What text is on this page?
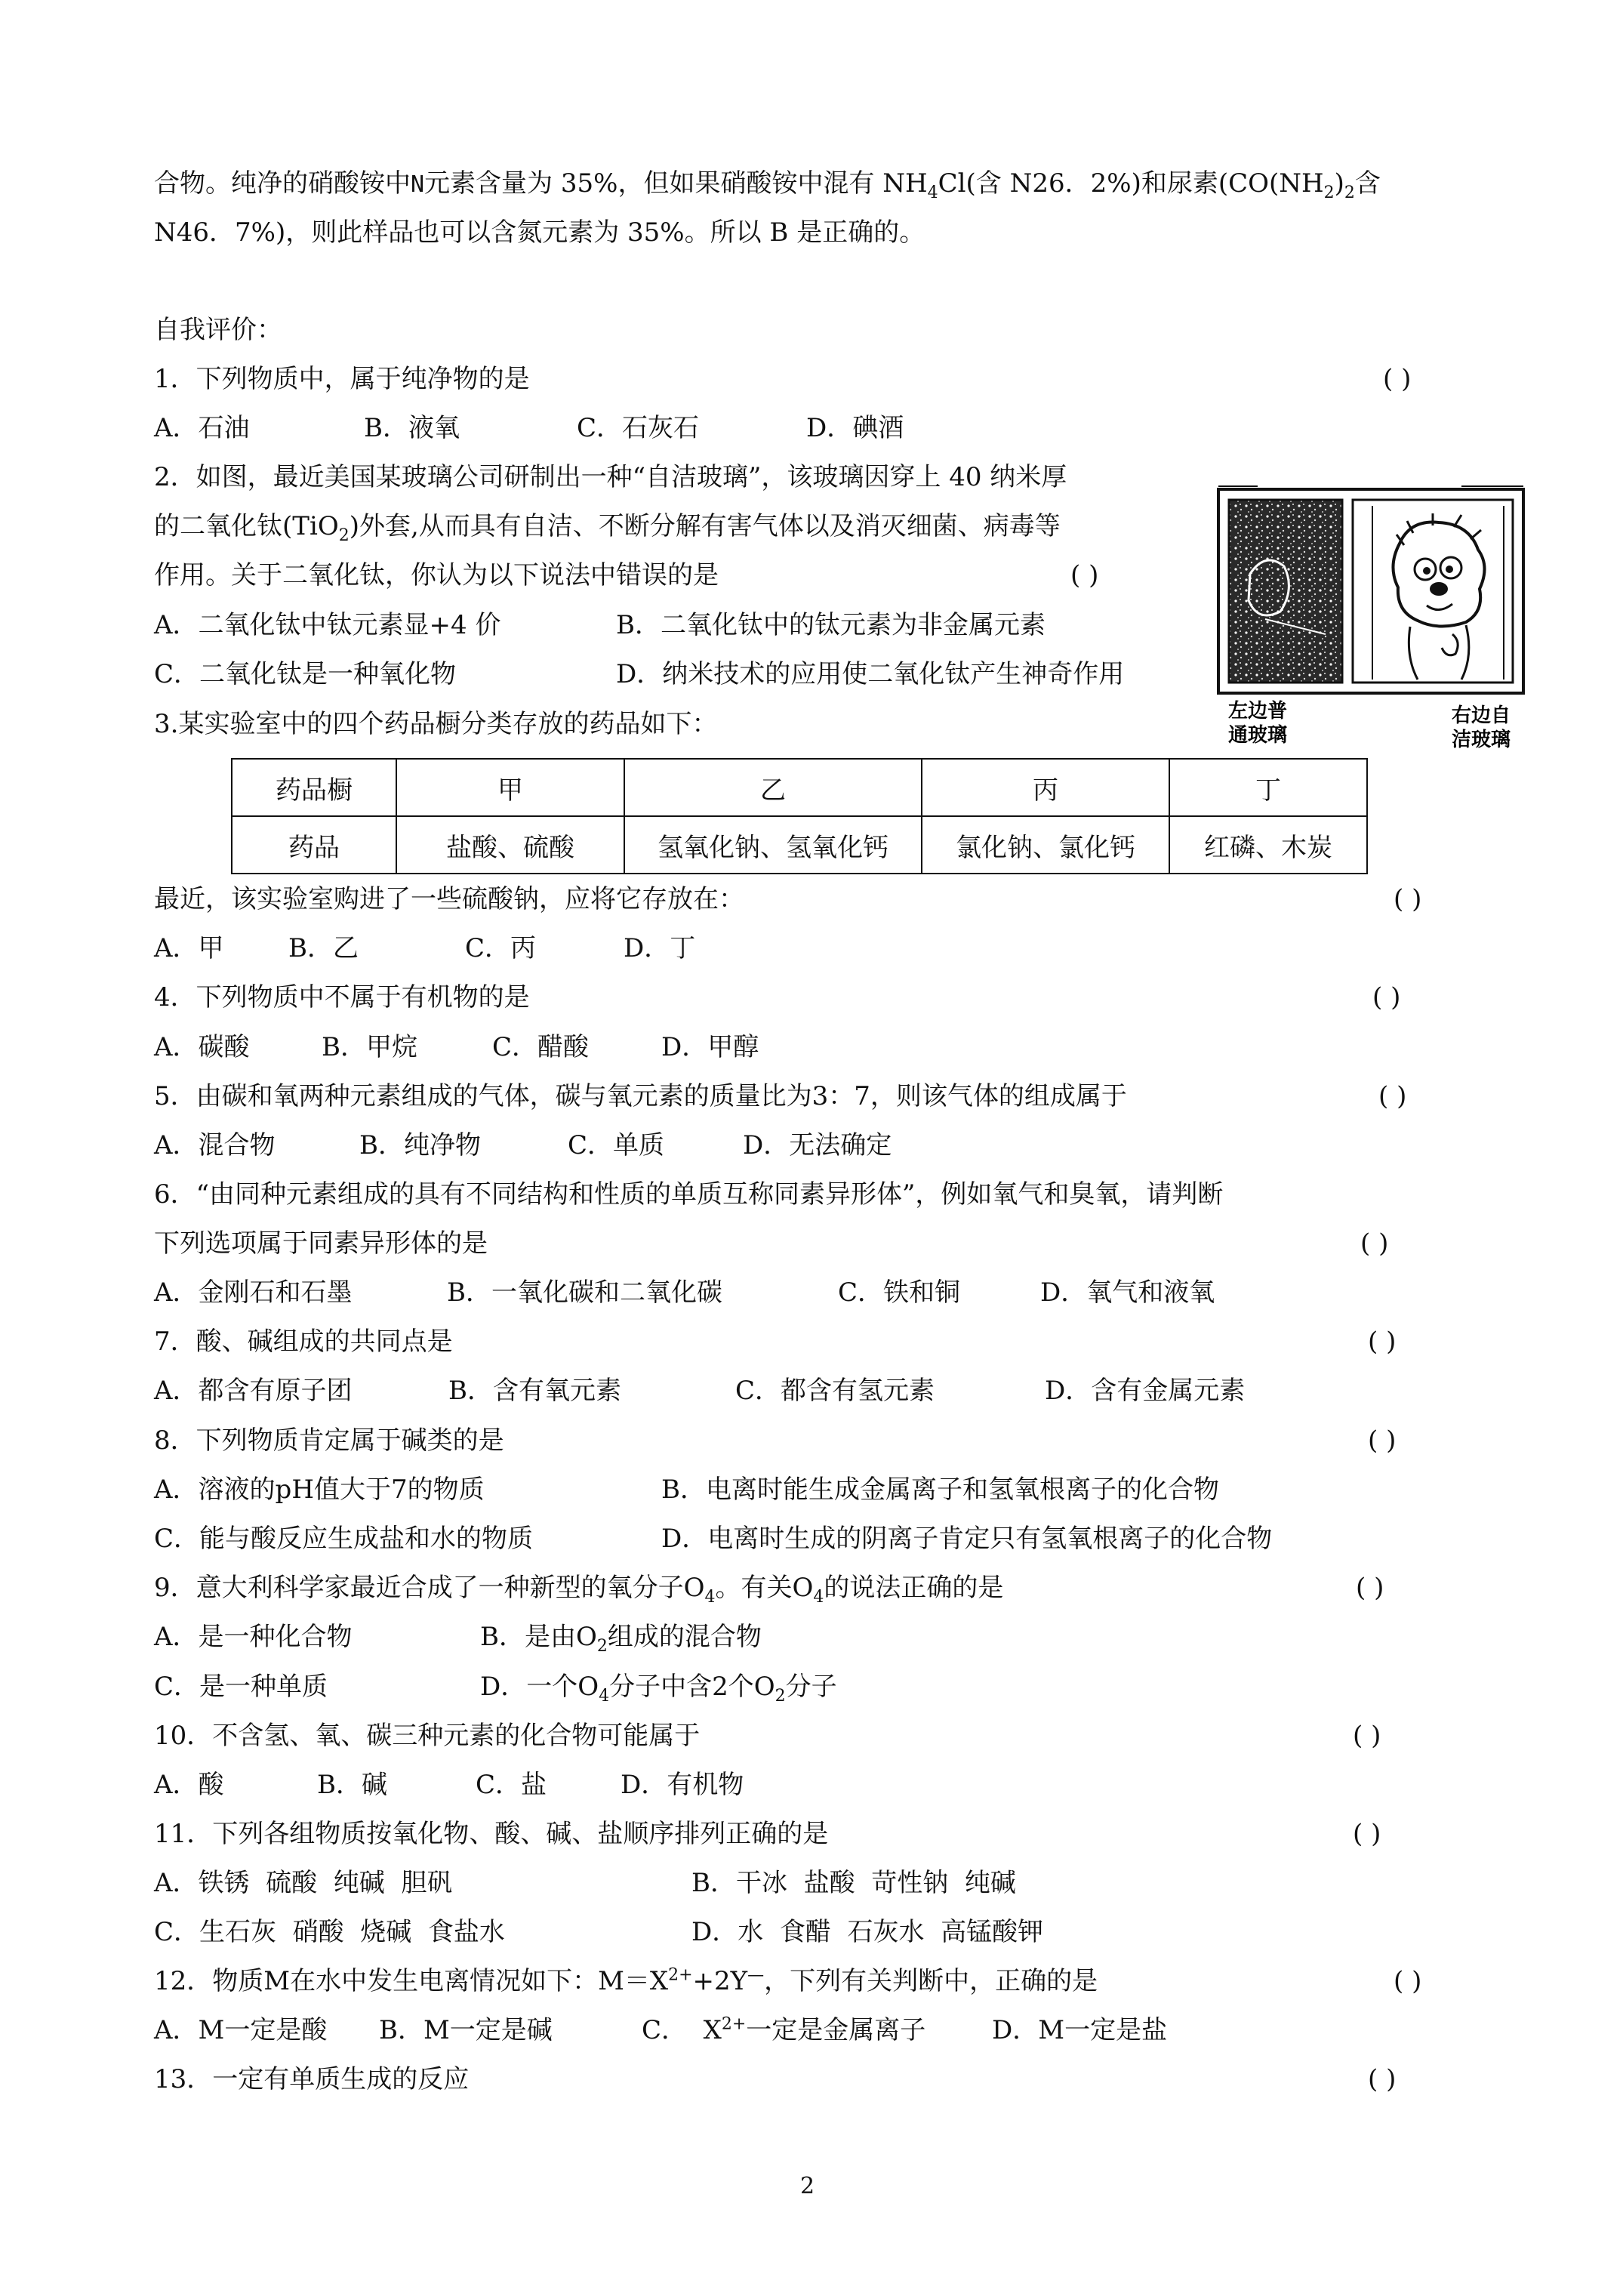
合物。纯净的硝酸铵中N元素含量为 35%，但如果硝酸铵中混有 $NH_4Cl$(含 N26．2%)和尿素($CO(NH_2)_2$含
N46．7%)，则此样品也可以含氮元素为 35%。所以 B 是正确的。
自我评价：
1．下列物质中，属于纯净物的是	( )
A．石油	B．液氧	C．石灰石	D．碘酒
2．如图，最近美国某玻璃公司研制出一种“自洁玻璃”，该玻璃因穿上 40 纳米厚
的二氧化钛(TiO$_2$)外套,从而具有自洁、不断分解有害气体以及消灭细菌、病毒等
作用。关于二氧化钛，你认为以下说法中错误的是	( )
A．二氧化钛中钛元素显+4 价	B．二氧化钛中的钛元素为非金属元素
C．二氧化钛是一种氧化物	D．纳米技术的应用使二氧化钛产生神奇作用
左边普
通玻璃
右边自
洁玻璃
3.某实验室中的四个药品橱分类存放的药品如下：
药品橱	甲	乙	丙	丁
药品	盐酸、硫酸	氢氧化钠、氢氧化钙	氯化钠、氯化钙	红磷、木炭
最近，该实验室购进了一些硫酸钠，应将它存放在：	( )
A．甲	B．乙	C．丙	D．丁
4．下列物质中不属于有机物的是	( )
A．碳酸	B．甲烷	C．醋酸	D．甲醇
5．由碳和氧两种元素组成的气体，碳与氧元素的质量比为3：7，则该气体的组成属于	( )
A．混合物	B．纯净物	C．单质	D．无法确定
6．“由同种元素组成的具有不同结构和性质的单质互称同素异形体”，例如氧气和臭氧，请判断
下列选项属于同素异形体的是	( )
A．金刚石和石墨	B．一氧化碳和二氧化碳	C．铁和铜	D．氧气和液氧
7．酸、碱组成的共同点是	( )
A．都含有原子团	B．含有氧元素	C．都含有氢元素	D．含有金属元素
8．下列物质肯定属于碱类的是	( )
A．溶液的pH值大于7的物质	B．电离时能生成金属离子和氢氧根离子的化合物
C．能与酸反应生成盐和水的物质	D．电离时生成的阴离子肯定只有氢氧根离子的化合物
9．意大利科学家最近合成了一种新型的氧分子$O_4$。有关$O_4$的说法正确的是	( )
A．是一种化合物	B．是由$O_2$组成的混合物
C．是一种单质	D．一个$O_4$分子中含2个$O_2$分子
10．不含氢、氧、碳三种元素的化合物可能属于	( )
A．酸	B．碱	C．盐	D．有机物
11．下列各组物质按氧化物、酸、碱、盐顺序排列正确的是	( )
A．铁锈  硫酸  纯碱  胆矾	B．干冰  盐酸  苛性钠  纯碱
C．生石灰  硝酸  烧碱  食盐水	D．水  食醋  石灰水  高锰酸钾
12．物质M在水中发生电离情况如下：$M=X^{2+}+2Y^—$，下列有关判断中，正确的是	( )
A．M一定是酸 B．M一定是碱	C．  $X^{2+}$一定是金属离子	D．M一定是盐
13．一定有单质生成的反应	( )
2
